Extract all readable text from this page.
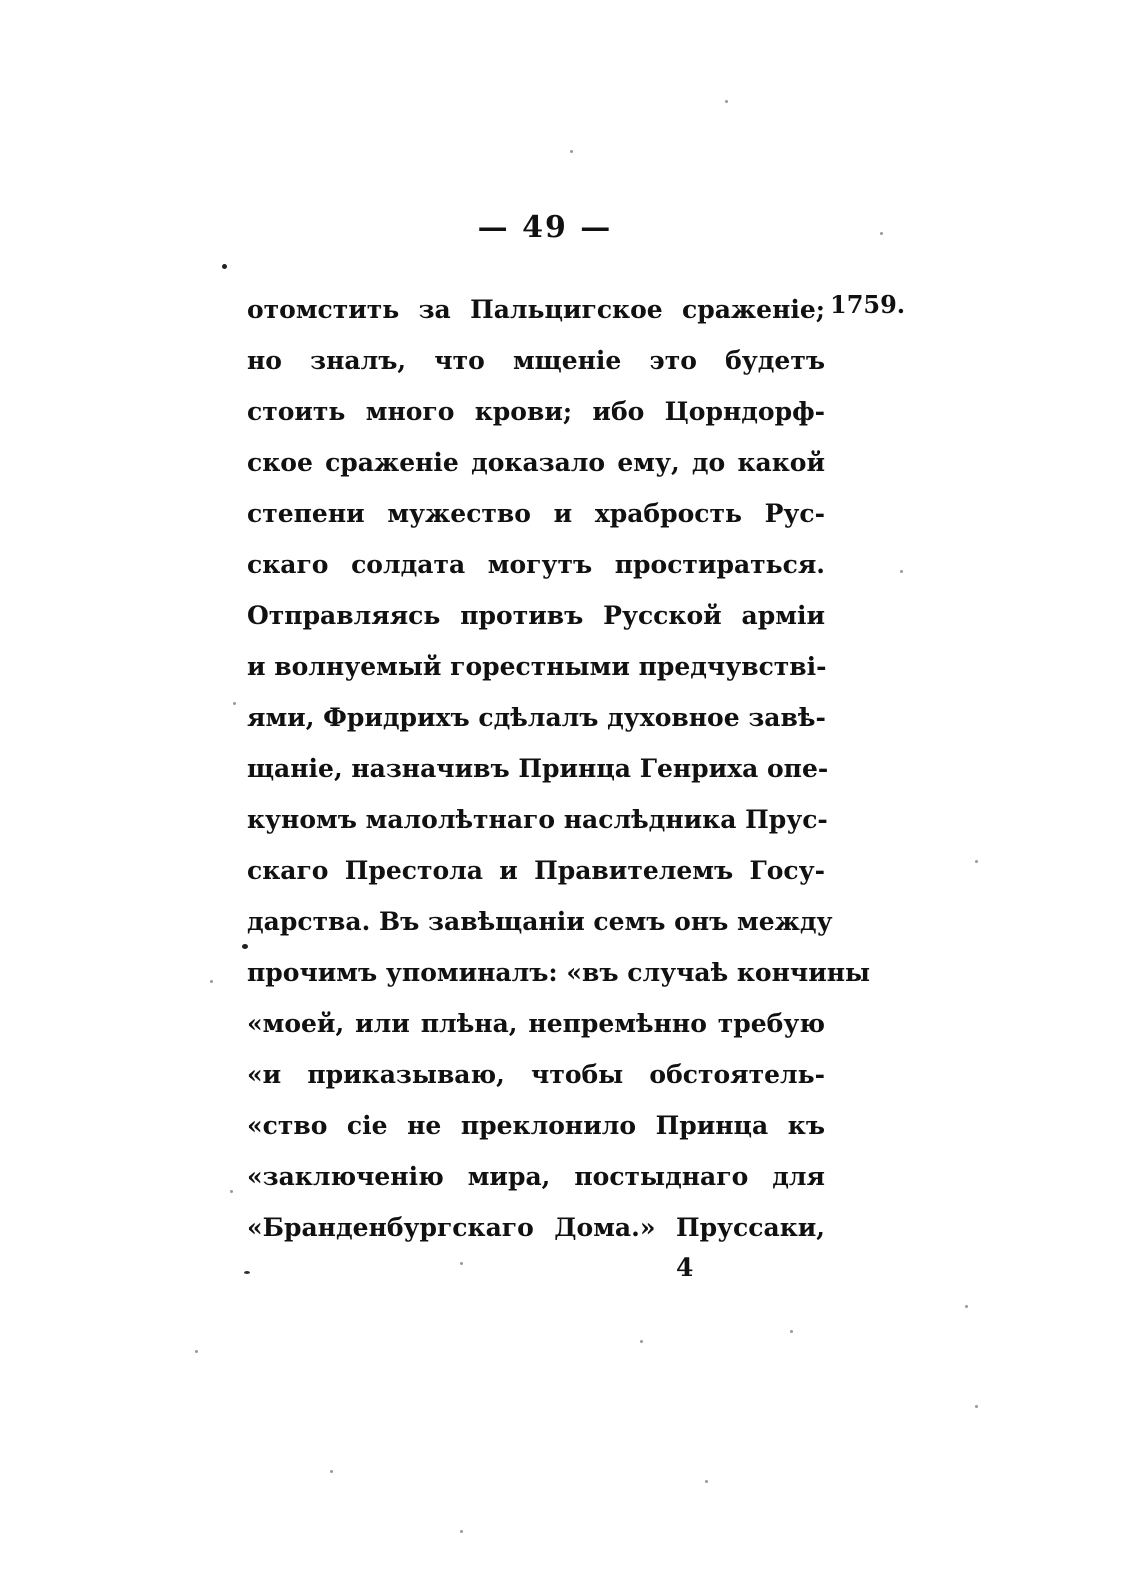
— 49 —
1759.
отомстить за Пальцигское сраженіе;
но зналъ, что мщеніе это будетъ
стоить много крови; ибо Цорндорф-
ское сраженіе доказало ему, до какой
степени мужество и храбрость Рус-
скаго солдата могутъ простираться.
Отправляясь противъ Русской арміи
и волнуемый горестными предчувствi-
ями, Фридрихъ сдѣлалъ духовное завѣ-
щаніе, назначивъ Принца Генриха опе-
куномъ малолѣтнаго наслѣдника Прус-
скаго Престола и Правителемъ Госу-
дарства. Въ завѣщаніи семъ онъ между
прочимъ упоминалъ: «въ случаѣ кончины
«моей, или плѣна, непремѣнно требую
«и приказываю, чтобы обстоятель-
«ство сіе не преклонило Принца къ
«заключенію мира, постыднаго для
«Бранденбургскаго Дома.» Пруссаки,
4
